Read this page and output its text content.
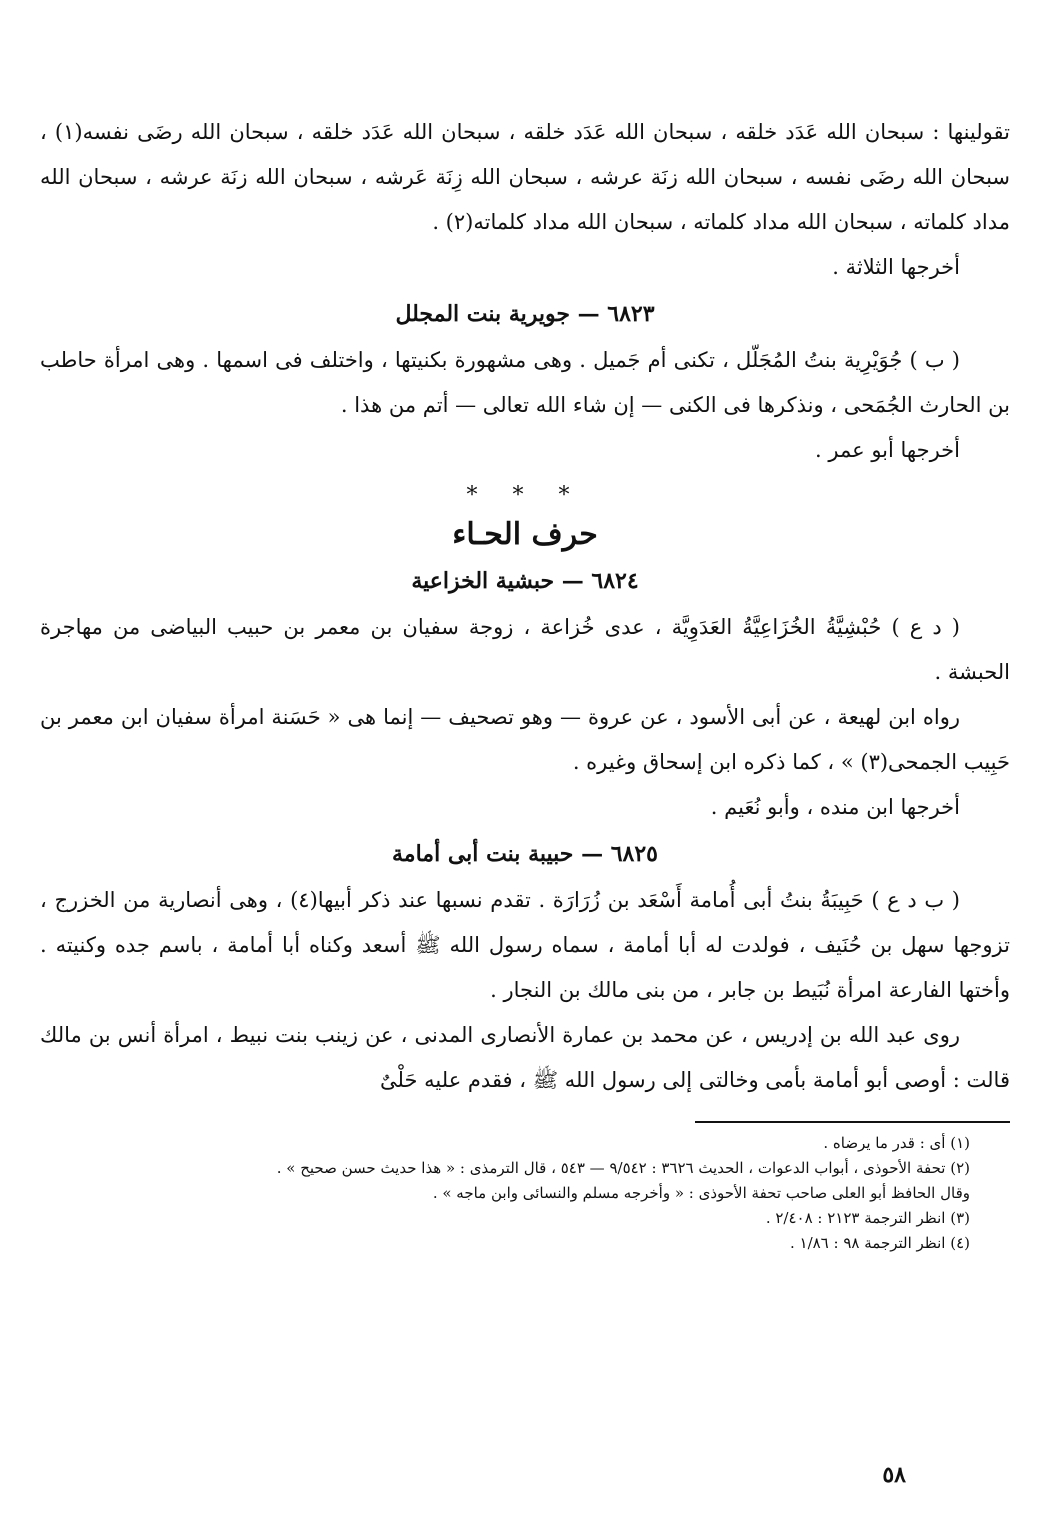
تقولينها : سبحان الله عَدَد خلقه ، سبحان الله عَدَد خلقه ، سبحان الله عَدَد خلقه ، سبحان الله رضَى نفسه(١) ، سبحان الله رضَى نفسه ، سبحان الله زنَة عرشه ، سبحان الله زِنَة عَرشه ، سبحان الله زنَة عرشه ، سبحان الله مداد كلماته ، سبحان الله مداد كلماته ، سبحان الله مداد كلماته(٢) .

أخرجها الثلاثة .

٦٨٢٣ — جويرية بنت المجلل

( ب ) جُوَيْرِية بنتُ المُجَلّل ، تكنى أم جَميل . وهى مشهورة بكنيتها ، واختلف فى اسمها . وهى امرأة حاطب بن الحارث الجُمَحى ، ونذكرها فى الكنى — إن شاء الله تعالى — أتم من هذا .

أخرجها أبو عمر .

* * *
حرف الحـاء
٦٨٢٤ — حبشية الخزاعية

( د ع ) حُبْشِيَّةُ الخُزَاعِيَّةُ العَدَوِيَّة ، عدى خُزاعة ، زوجة سفيان بن معمر بن حبيب البياضى من مهاجرة الحبشة .

رواه ابن لهيعة ، عن أبى الأسود ، عن عروة — وهو تصحيف — إنما هى « حَسَنة امرأة سفيان ابن معمر بن حَبِيب الجمحى(٣) » ، كما ذكره ابن إسحاق وغيره .

أخرجها ابن منده ، وأبو نُعَيم .

٦٨٢٥ — حبيبة بنت أبى أمامة

( ب د ع ) حَبِيبَةُ بنتُ أبى أُمامة أَسْعَد بن زُرَارَة . تقدم نسبها عند ذكر أبيها(٤) ، وهى أنصارية من الخزرج ، تزوجها سهل بن حُنَيف ، فولدت له أبا أمامة ، سماه رسول الله ﷺ أسعد وكناه أبا أمامة ، باسم جده وكنيته . وأختها الفارعة امرأة نُبَيط بن جابر ، من بنى مالك بن النجار .

روى عبد الله بن إدريس ، عن محمد بن عمارة الأنصارى المدنى ، عن زينب بنت نبيط ، امرأة أنس بن مالك قالت : أوصى أبو أمامة بأمى وخالتى إلى رسول الله ﷺ ، فقدم عليه حَلْىٌ

(١) أى : قدر ما يرضاه .

(٢) تحفة الأحوذى ، أبواب الدعوات ، الحديث ٣٦٢٦ : ٩/٥٤٢ — ٥٤٣ ، قال الترمذى : « هذا حديث حسن صحيح » .

وقال الحافظ أبو العلى صاحب تحفة الأحوذى : « وأخرجه مسلم والنسائى وابن ماجه » .

(٣) انظر الترجمة ٢١٢٣ : ٢/٤٠٨ .

(٤) انظر الترجمة ٩٨ : ١/٨٦ .

٥٨
